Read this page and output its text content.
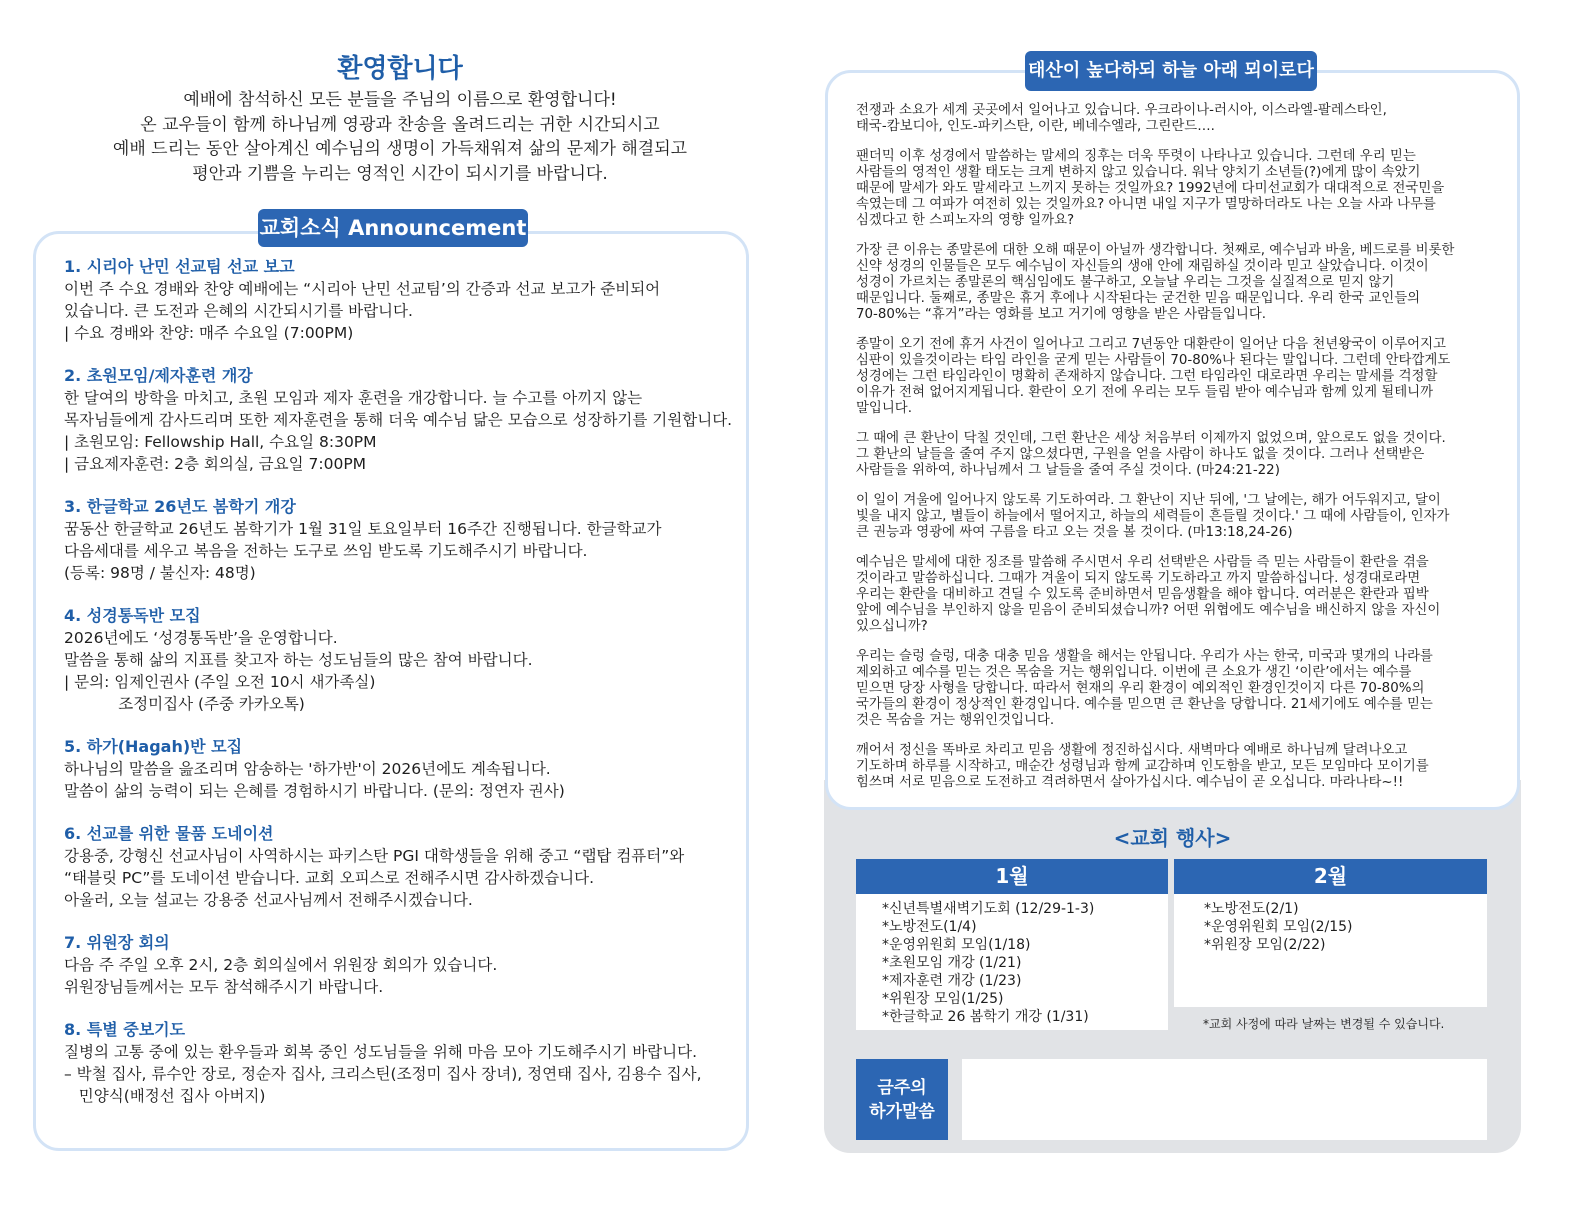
환영합니다
예배에 참석하신 모든 분들을 주님의 이름으로 환영합니다!
온 교우들이 함께 하나님께 영광과 찬송을 올려드리는 귀한 시간되시고
예배 드리는 동안 살아계신 예수님의 생명이 가득채워져 삶의 문제가 해결되고
평안과 기쁨을 누리는 영적인 시간이 되시기를 바랍니다.
교회소식 Announcement
1. 시리아 난민 선교팀 선교 보고
이번 주 수요 경배와 찬양 예배에는 “시리아 난민 선교팀’의 간증과 선교 보고가 준비되어
있습니다. 큰 도전과 은혜의 시간되시기를 바랍니다.
| 수요 경배와 찬양: 매주 수요일 (7:00PM)
2. 초원모임/제자훈련 개강
한 달여의 방학을 마치고, 초원 모임과 제자 훈련을 개강합니다. 늘 수고를 아끼지 않는
목자님들에게 감사드리며 또한 제자훈련을 통해 더욱 예수님 닮은 모습으로 성장하기를 기원합니다.
| 초원모임: Fellowship Hall, 수요일 8:30PM
| 금요제자훈련: 2층 회의실, 금요일 7:00PM
3. 한글학교 26년도 봄학기 개강
꿈동산 한글학교 26년도 봄학기가 1월 31일 토요일부터 16주간 진행됩니다. 한글학교가
다음세대를 세우고 복음을 전하는 도구로 쓰임 받도록 기도해주시기 바랍니다.
(등록: 98명 / 불신자: 48명)
4. 성경통독반 모집
2026년에도 ‘성경통독반’을 운영합니다.
말씀을 통해 삶의 지표를 찾고자 하는 성도님들의 많은 참여 바랍니다.
| 문의: 임제인권사 (주일 오전 10시 새가족실)
조정미집사 (주중 카카오톡)
5. 하가(Hagah)반 모집
하나님의 말씀을 읊조리며 암송하는 '하가반'이 2026년에도 계속됩니다.
말씀이 삶의 능력이 되는 은혜를 경험하시기 바랍니다. (문의: 정연자 권사)
6. 선교를 위한 물품 도네이션
강용중, 강형신 선교사님이 사역하시는 파키스탄 PGI 대학생들을 위해 중고 “랩탑 컴퓨터”와
“태블릿 PC”를 도네이션 받습니다. 교회 오피스로 전해주시면 감사하겠습니다.
아울러, 오늘 설교는 강용중 선교사님께서 전해주시겠습니다.
7. 위원장 회의
다음 주 주일 오후 2시, 2층 회의실에서 위원장 회의가 있습니다.
위원장님들께서는 모두 참석해주시기 바랍니다.
8. 특별 중보기도
질병의 고통 중에 있는 환우들과 회복 중인 성도님들을 위해 마음 모아 기도해주시기 바랍니다.
– 박철 집사, 류수안 장로, 정순자 집사, 크리스틴(조정미 집사 장녀), 정연태 집사, 김용수 집사,
민양식(배정선 집사 아버지)
태산이 높다하되 하늘 아래 뫼이로다
전쟁과 소요가 세계 곳곳에서 일어나고 있습니다. 우크라이나-러시아, 이스라엘-팔레스타인,
태국-캄보디아, 인도-파키스탄, 이란, 베네수엘라, 그린란드….
팬더믹 이후 성경에서 말씀하는 말세의 징후는 더욱 뚜렷이 나타나고 있습니다. 그런데 우리 믿는
사람들의 영적인 생활 태도는 크게 변하지 않고 있습니다. 워낙 양치기 소년들(?)에게 많이 속았기
때문에 말세가 와도 말세라고 느끼지 못하는 것일까요? 1992년에 다미선교회가 대대적으로 전국민을
속였는데 그 여파가 여전히 있는 것일까요? 아니면 내일 지구가 멸망하더라도 나는 오늘 사과 나무를
심겠다고 한 스피노자의 영향 일까요?
가장 큰 이유는 종말론에 대한 오해 때문이 아닐까 생각합니다. 첫째로, 예수님과 바울, 베드로를 비롯한
신약 성경의 인물들은 모두 예수님이 자신들의 생애 안에 재림하실 것이라 믿고 살았습니다. 이것이
성경이 가르치는 종말론의 핵심임에도 불구하고, 오늘날 우리는 그것을 실질적으로 믿지 않기
때문입니다. 둘째로, 종말은 휴거 후에나 시작된다는 굳건한 믿음 때문입니다. 우리 한국 교인들의
70-80%는 “휴거”라는 영화를 보고 거기에 영향을 받은 사람들입니다.
종말이 오기 전에 휴거 사건이 일어나고 그리고 7년동안 대환란이 일어난 다음 천년왕국이 이루어지고
심판이 있을것이라는 타임 라인을 굳게 믿는 사람들이 70-80%나 된다는 말입니다. 그런데 안타깝게도
성경에는 그런 타임라인이 명확히 존재하지 않습니다. 그런 타임라인 대로라면 우리는 말세를 걱정할
이유가 전혀 없어지게됩니다. 환란이 오기 전에 우리는 모두 들림 받아 예수님과 함께 있게 될테니까
말입니다.
그 때에 큰 환난이 닥칠 것인데, 그런 환난은 세상 처음부터 이제까지 없었으며, 앞으로도 없을 것이다.
그 환난의 날들을 줄여 주지 않으셨다면, 구원을 얻을 사람이 하나도 없을 것이다. 그러나 선택받은
사람들을 위하여, 하나님께서 그 날들을 줄여 주실 것이다. (마24:21-22)
이 일이 겨울에 일어나지 않도록 기도하여라. 그 환난이 지난 뒤에, '그 날에는, 해가 어두워지고, 달이
빛을 내지 않고, 별들이 하늘에서 떨어지고, 하늘의 세력들이 흔들릴 것이다.' 그 때에 사람들이, 인자가
큰 권능과 영광에 싸여 구름을 타고 오는 것을 볼 것이다. (마13:18,24-26)
예수님은 말세에 대한 징조를 말씀해 주시면서 우리 선택받은 사람들 즉 믿는 사람들이 환란을 겪을
것이라고 말씀하십니다. 그때가 겨울이 되지 않도록 기도하라고 까지 말씀하십니다. 성경대로라면
우리는 환란을 대비하고 견딜 수 있도록 준비하면서 믿음생활을 해야 합니다. 여러분은 환란과 핍박
앞에 예수님을 부인하지 않을 믿음이 준비되셨습니까? 어떤 위협에도 예수님을 배신하지 않을 자신이
있으십니까?
우리는 슬렁 슬렁, 대충 대충 믿음 생활을 해서는 안됩니다. 우리가 사는 한국, 미국과 몇개의 나라를
제외하고 예수를 믿는 것은 목숨을 거는 행위입니다. 이번에 큰 소요가 생긴 ‘이란’에서는 예수를
믿으면 당장 사형을 당합니다. 따라서 현재의 우리 환경이 예외적인 환경인것이지 다른 70-80%의
국가들의 환경이 정상적인 환경입니다. 예수를 믿으면 큰 환난을 당합니다. 21세기에도 예수를 믿는
것은 목숨을 거는 행위인것입니다.
깨어서 정신을 똑바로 차리고 믿음 생활에 정진하십시다. 새벽마다 예배로 하나님께 달려나오고
기도하며 하루를 시작하고, 매순간 성령님과 함께 교감하며 인도함을 받고, 모든 모임마다 모이기를
힘쓰며 서로 믿음으로 도전하고 격려하면서 살아가십시다. 예수님이 곧 오십니다. 마라나타~!!
<교회 행사>
1월
*신년특별새벽기도회 (12/29-1-3)
*노방전도(1/4)
*운영위원회 모임(1/18)
*초원모임 개강 (1/21)
*제자훈련 개강 (1/23)
*위원장 모임(1/25)
*한글학교 26 봄학기 개강 (1/31)
2월
*노방전도(2/1)
*운영위원회 모임(2/15)
*위원장 모임(2/22)
*교회 사정에 따라 날짜는 변경될 수 있습니다.
금주의
하가말씀
